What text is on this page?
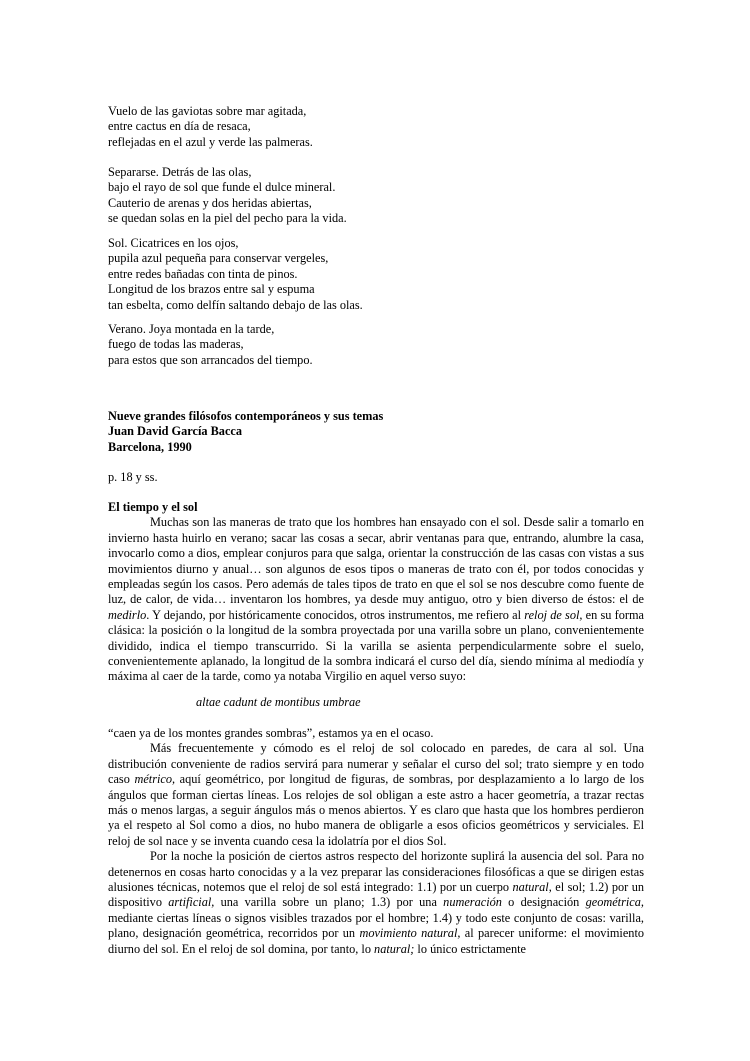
Vuelo de las gaviotas sobre mar agitada,
entre cactus en día de resaca,
reflejadas en el azul y verde las palmeras.
Separarse. Detrás de las olas,
bajo el rayo de sol que funde el dulce mineral.
Cauterio de arenas y dos heridas abiertas,
se quedan solas en la piel del pecho para la vida.
Sol. Cicatrices en los ojos,
pupila azul pequeña para conservar vergeles,
entre redes bañadas con tinta de pinos.
Longitud de los brazos entre sal y espuma
tan esbelta, como delfín saltando debajo de las olas.
Verano. Joya montada en la tarde,
fuego de todas las maderas,
para estos que son arrancados del tiempo.
Nueve grandes filósofos contemporáneos y sus temas
Juan David García Bacca
Barcelona, 1990
p. 18 y ss.
El tiempo y el sol

Muchas son las maneras de trato que los hombres han ensayado con el sol. Desde salir a tomarlo en invierno hasta huirlo en verano; sacar las cosas a secar, abrir ventanas para que, entrando, alumbre la casa, invocarlo como a dios, emplear conjuros para que salga, orientar la construcción de las casas con vistas a sus movimientos diurno y anual… son algunos de esos tipos o maneras de trato con él, por todos conocidas y empleadas según los casos. Pero además de tales tipos de trato en que el sol se nos descubre como fuente de luz, de calor, de vida… inventaron los hombres, ya desde muy antiguo, otro y bien diverso de éstos: el de medirlo. Y dejando, por históricamente conocidos, otros instrumentos, me refiero al reloj de sol, en su forma clásica: la posición o la longitud de la sombra proyectada por una varilla sobre un plano, convenientemente dividido, indica el tiempo transcurrido. Si la varilla se asienta perpendicularmente sobre el suelo, convenientemente aplanado, la longitud de la sombra indicará el curso del día, siendo mínima al mediodía y máxima al caer de la tarde, como ya notaba Virgilio en aquel verso suyo:

altae cadunt de montibus umbrae
“caen ya de los montes grandes sombras”, estamos ya en el ocaso.

Más frecuentemente y cómodo es el reloj de sol colocado en paredes, de cara al sol. Una distribución conveniente de radios servirá para numerar y señalar el curso del sol; trato siempre y en todo caso métrico, aquí geométrico, por longitud de figuras, de sombras, por desplazamiento a lo largo de los ángulos que forman ciertas líneas. Los relojes de sol obligan a este astro a hacer geometría, a trazar rectas más o menos largas, a seguir ángulos más o menos abiertos. Y es claro que hasta que los hombres perdieron ya el respeto al Sol como a dios, no hubo manera de obligarle a esos oficios geométricos y serviciales. El reloj de sol nace y se inventa cuando cesa la idolatría por el dios Sol.

Por la noche la posición de ciertos astros respecto del horizonte suplirá la ausencia del sol. Para no detenernos en cosas harto conocidas y a la vez preparar las consideraciones filosóficas a que se dirigen estas alusiones técnicas, notemos que el reloj de sol está integrado: 1.1) por un cuerpo natural, el sol; 1.2) por un dispositivo artificial, una varilla sobre un plano; 1.3) por una numeración o designación geométrica, mediante ciertas líneas o signos visibles trazados por el hombre; 1.4) y todo este conjunto de cosas: varilla, plano, designación geométrica, recorridos por un movimiento natural, al parecer uniforme: el movimiento diurno del sol. En el reloj de sol domina, por tanto, lo natural; lo único estrictamente
